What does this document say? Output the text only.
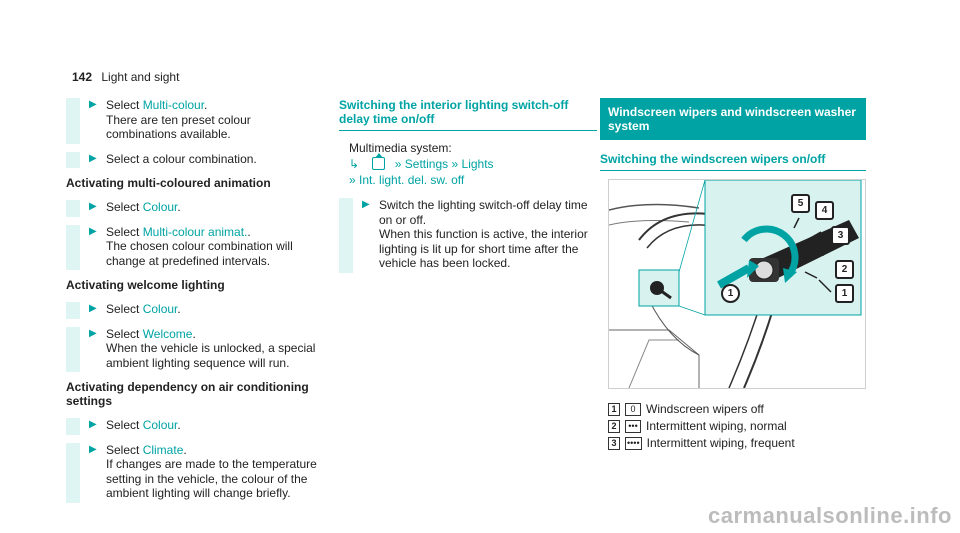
142 Light and sight
▶ Select Multi-colour.
There are ten preset colour combinations available.
▶ Select a colour combination.
Activating multi-coloured animation
▶ Select Colour.
▶ Select Multi-colour animat..
The chosen colour combination will change at predefined intervals.
Activating welcome lighting
▶ Select Colour.
▶ Select Welcome.
When the vehicle is unlocked, a special ambient lighting sequence will run.
Activating dependency on air conditioning settings
▶ Select Colour.
▶ Select Climate.
If changes are made to the temperature setting in the vehicle, the colour of the ambient lighting will change briefly.
Switching the interior lighting switch-off delay time on/off
Multimedia system:
↳	» Settings » Lights
» Int. light. del. sw. off
▶ Switch the lighting switch-off delay time on or off.
When this function is active, the interior lighting is lit up for short time after the vehicle has been locked.
Windscreen wipers and windscreen washer system
Switching the windscreen wipers on/off
1	1
2
3
4
5
1	0 Windscreen wipers off
2	••• Intermittent wiping, normal
3	•••• Intermittent wiping, frequent
carmanualsonline.info
